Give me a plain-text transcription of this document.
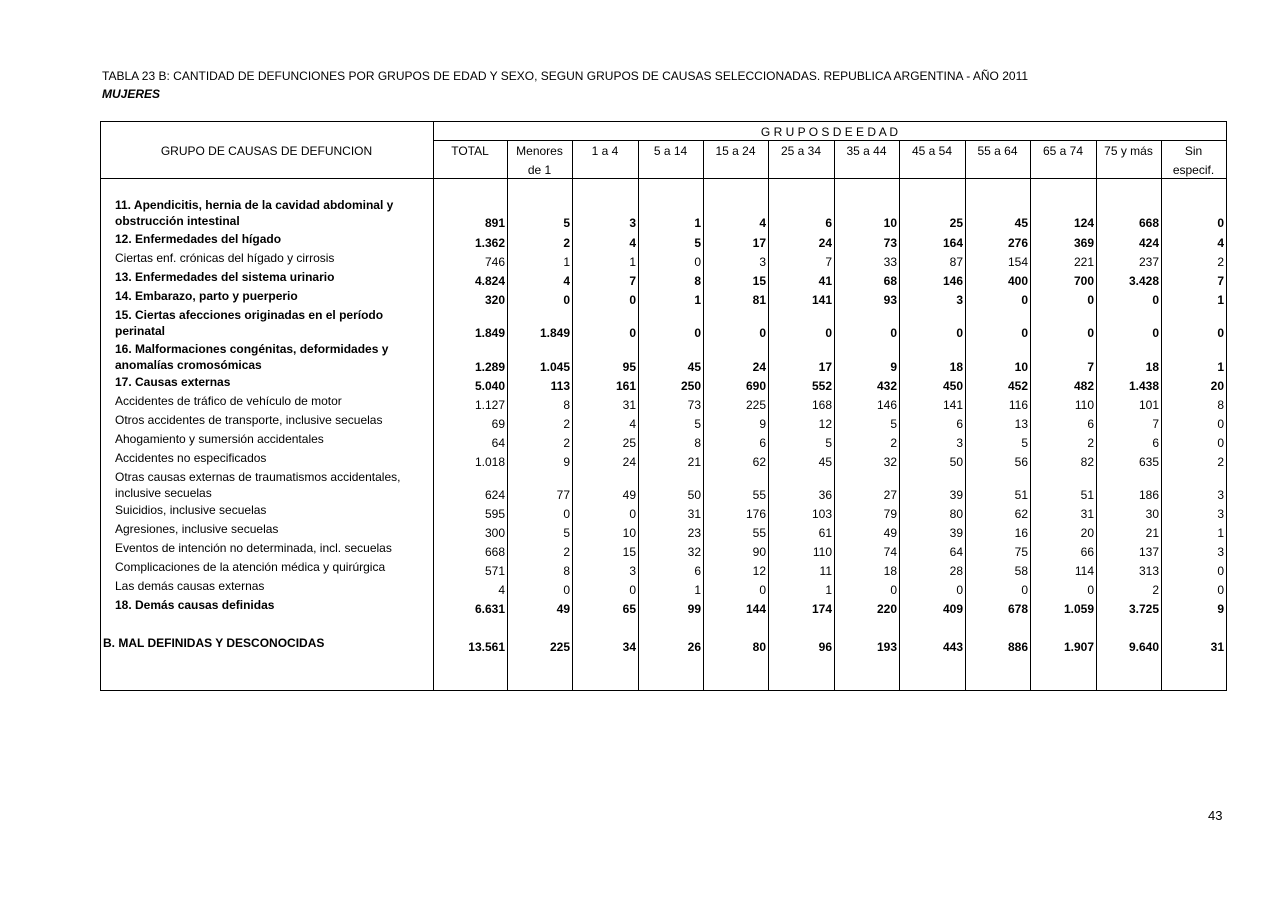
TABLA 23 B: CANTIDAD DE DEFUNCIONES POR GRUPOS DE EDAD Y SEXO, SEGUN GRUPOS DE CAUSAS SELECCIONADAS. REPUBLICA ARGENTINA - AÑO 2011
MUJERES
GRUPO DE CAUSAS DE DEFUNCION
G R U P O S D E E D A D
TOTAL	Menores
de 1
1 a 4	5 a 14	15 a 24	25 a 34	35 a 44	45 a 54	55 a 64	65 a 74	75 y más	Sin
especif.
11. Apendicitis, hernia de la cavidad abdominal y
obstrucción intestinal	891	5	3	1	4	6	10	25	45	124	668	0
12. Enfermedades del hígado	1.362	2	4	5	17	24	73	164	276	369	424	4
Ciertas enf. crónicas del hígado y cirrosis	746	1	1	0	3	7	33	87	154	221	237	2
13. Enfermedades del sistema urinario	4.824	4	7	8	15	41	68	146	400	700	3.428	7
14. Embarazo, parto y puerperio	320	0	0	1	81	141	93	3	0	0	0	1
15. Ciertas afecciones originadas en el período
perinatal	1.849	1.849	0	0	0	0	0	0	0	0	0	0
16. Malformaciones congénitas, deformidades y
anomalías cromosómicas	1.289	1.045	95	45	24	17	9	18	10	7	18	1
17. Causas externas	5.040	113	161	250	690	552	432	450	452	482	1.438	20
Accidentes de tráfico de vehículo de motor	1.127	8	31	73	225	168	146	141	116	110	101	8
Otros accidentes de transporte, inclusive secuelas	69	2	4	5	9	12	5	6	13	6	7	0
Ahogamiento y sumersión accidentales	64	2	25	8	6	5	2	3	5	2	6	0
Accidentes no especificados	1.018	9	24	21	62	45	32	50	56	82	635	2
Otras causas externas de traumatismos accidentales,
inclusive secuelas	624	77	49	50	55	36	27	39	51	51	186	3
Suicidios, inclusive secuelas	595	0	0	31	176	103	79	80	62	31	30	3
Agresiones, inclusive secuelas	300	5	10	23	55	61	49	39	16	20	21	1
Eventos de intención no determinada, incl. secuelas	668	2	15	32	90	110	74	64	75	66	137	3
Complicaciones de la atención médica y quirúrgica	571	8	3	6	12	11	18	28	58	114	313	0
Las demás causas externas	4	0	0	1	0	1	0	0	0	0	2	0
18. Demás causas definidas	6.631	49	65	99	144	174	220	409	678	1.059	3.725	9
B. MAL DEFINIDAS Y DESCONOCIDAS	13.561	225	34	26	80	96	193	443	886	1.907	9.640	31
43
